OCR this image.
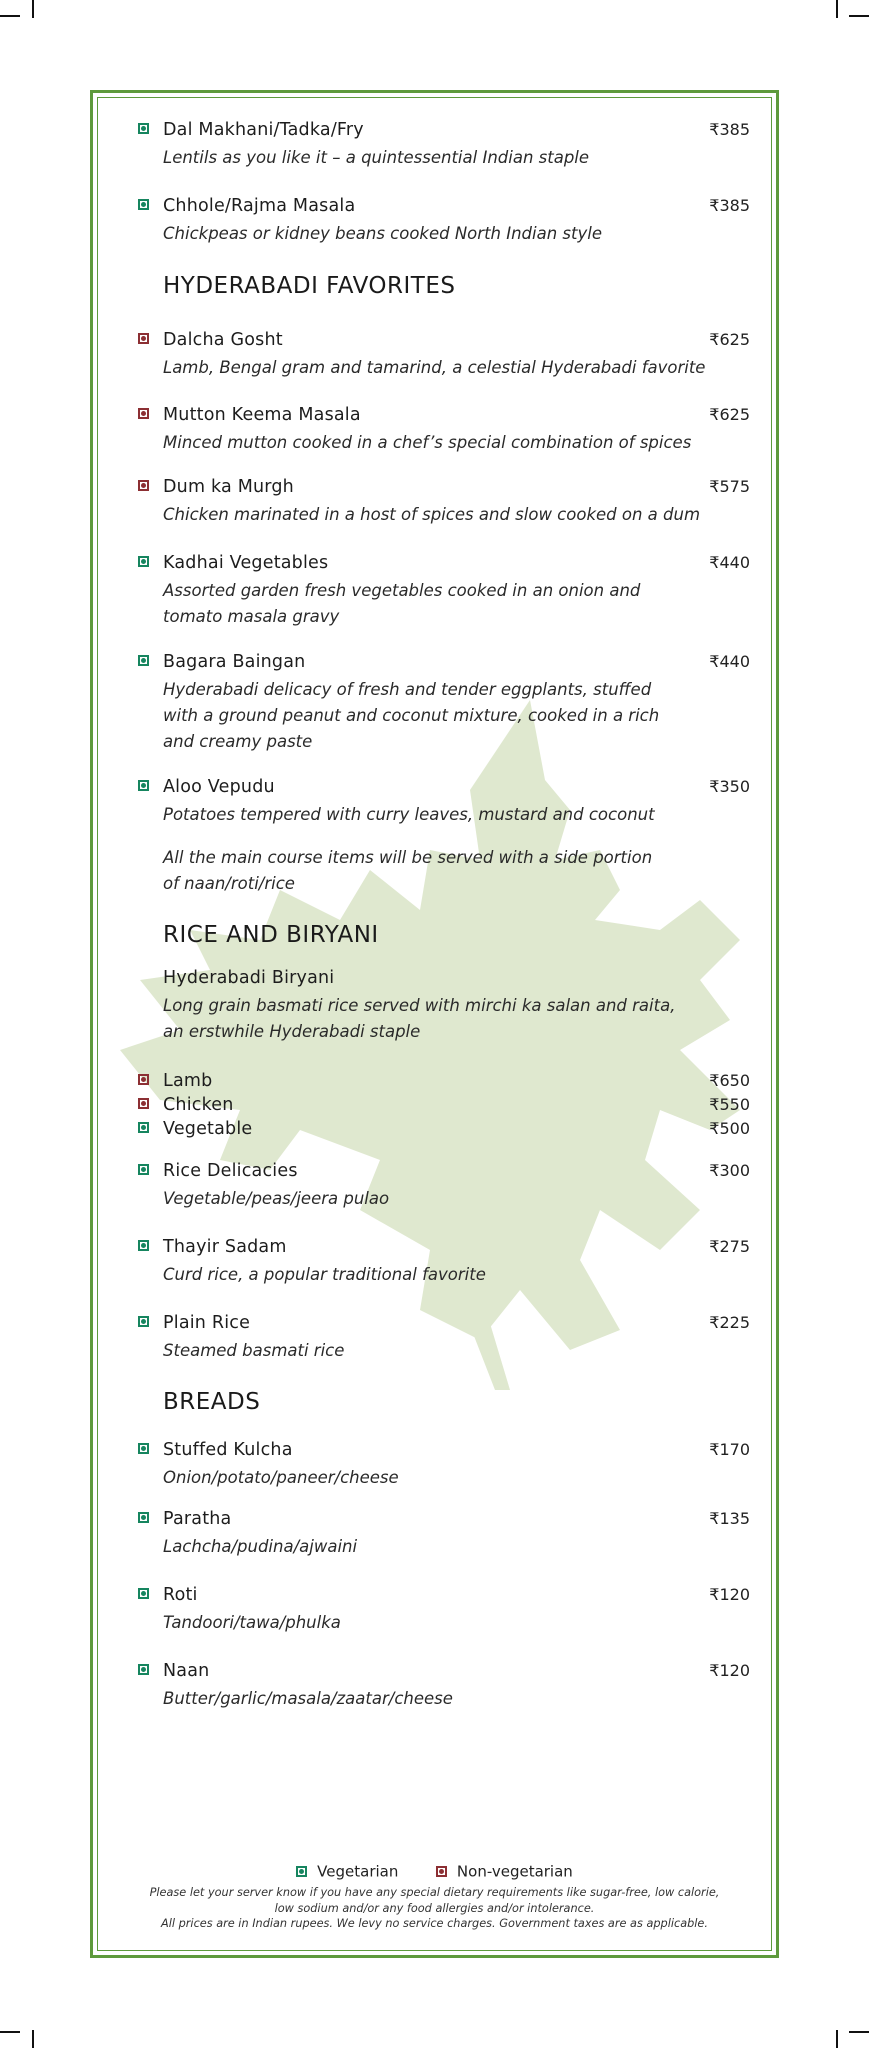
Dal Makhani/Tadka/Fry	₹385
Lentils as you like it – a quintessential Indian staple
Chhole/Rajma Masala	₹385
Chickpeas or kidney beans cooked North Indian style
HYDERABADI FAVORITES
Dalcha Gosht	₹625
Lamb, Bengal gram and tamarind, a celestial Hyderabadi favorite
Mutton Keema Masala	₹625
Minced mutton cooked in a chef’s special combination of spices
Dum ka Murgh	₹575
Chicken marinated in a host of spices and slow cooked on a dum
Kadhai Vegetables	₹440
Assorted garden fresh vegetables cooked in an onion and
tomato masala gravy
Bagara Baingan	₹440
Hyderabadi delicacy of fresh and tender eggplants, stuffed
with a ground peanut and coconut mixture, cooked in a rich
and creamy paste
Aloo Vepudu	₹350
Potatoes tempered with curry leaves, mustard and coconut
All the main course items will be served with a side portion
of naan/roti/rice
RICE AND BIRYANI
Hyderabadi Biryani
Long grain basmati rice served with mirchi ka salan and raita,
an erstwhile Hyderabadi staple
Lamb	₹650
Chicken	₹550
Vegetable	₹500
Rice Delicacies	₹300
Vegetable/peas/jeera pulao
Thayir Sadam	₹275
Curd rice, a popular traditional favorite
Plain Rice	₹225
Steamed basmati rice
BREADS
Stuffed Kulcha	₹170
Onion/potato/paneer/cheese
Paratha	₹135
Lachcha/pudina/ajwaini
Roti	₹120
Tandoori/tawa/phulka
Naan	₹120
Butter/garlic/masala/zaatar/cheese
Vegetarian	Non-vegetarian
Please let your server know if you have any special dietary requirements like sugar-free, low calorie,
low sodium and/or any food allergies and/or intolerance.
All prices are in Indian rupees. We levy no service charges. Government taxes are as applicable.
